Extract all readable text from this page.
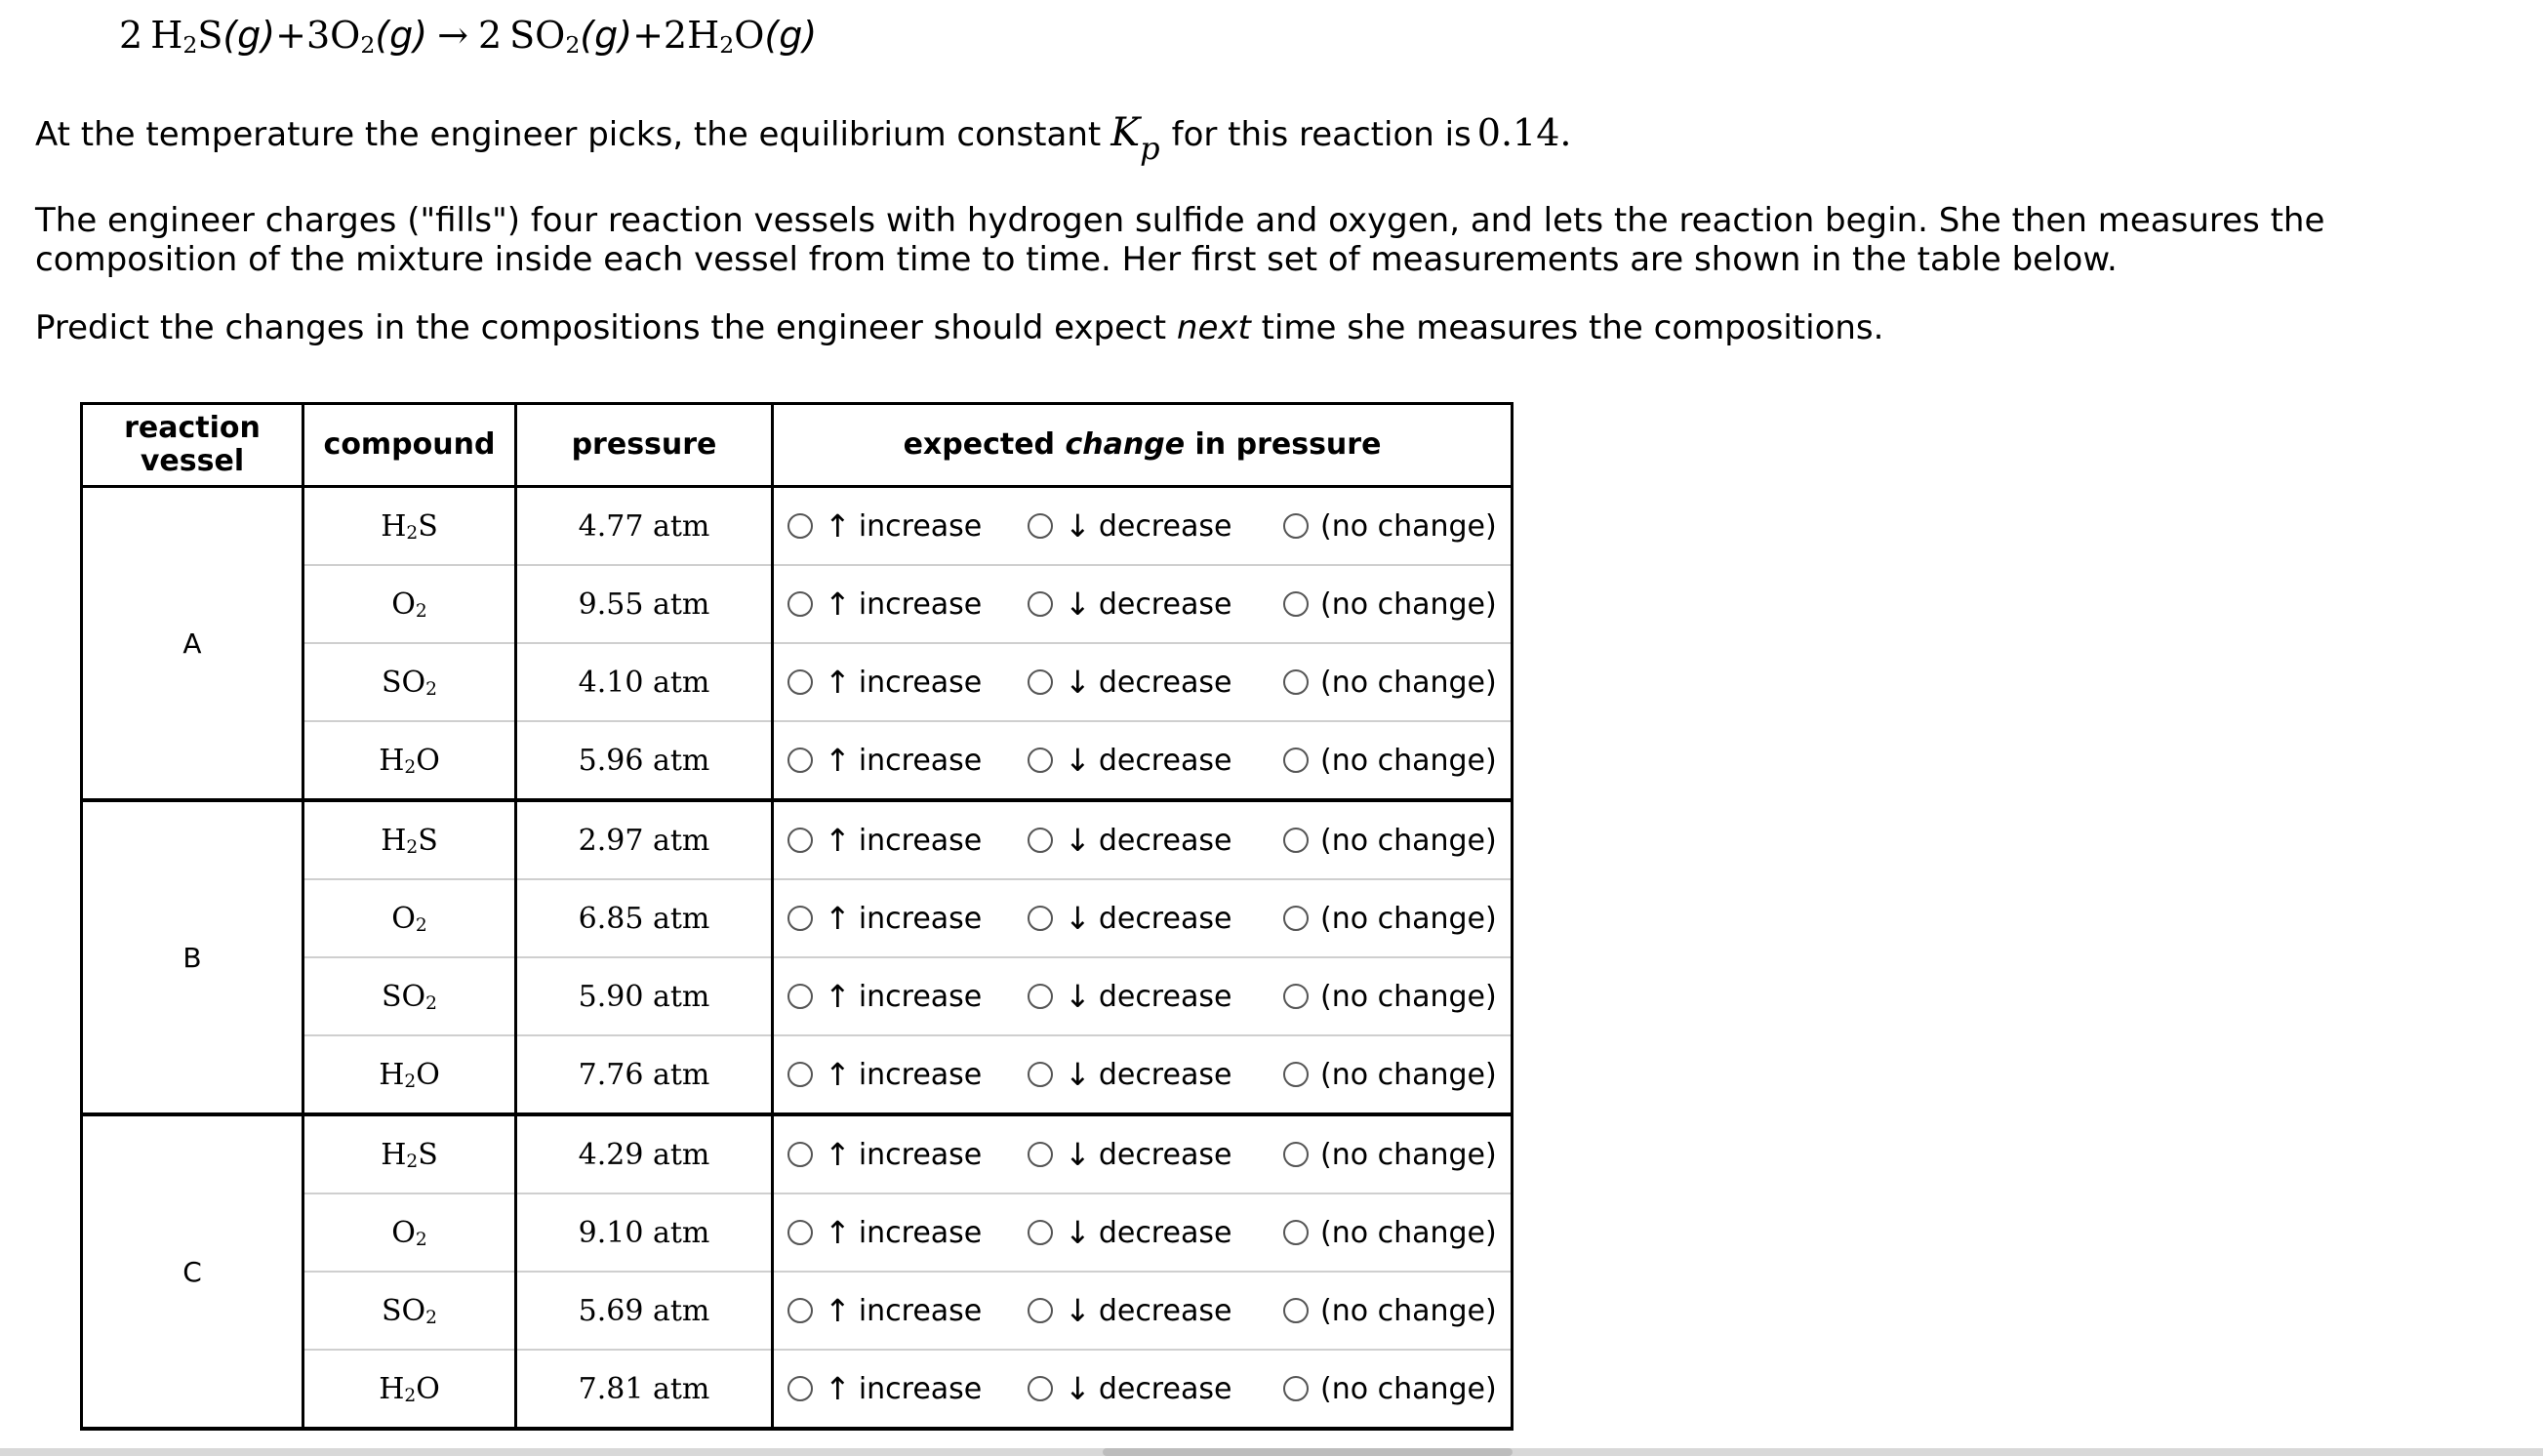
2 $H_2S(g)+3O_2(g) \to 2$ $SO_2(g)+2H_2O(g)$
At the temperature the engineer picks, the equilibrium constant $K_p$ for this reaction is 0.14.
The engineer charges ("fills") four reaction vessels with hydrogen sulfide and oxygen, and lets the reaction begin. She then measures the composition of the mixture inside each vessel from time to time. Her first set of measurements are shown in the table below.
Predict the changes in the compositions the engineer should expect next time she measures the compositions.
reaction vessel	compound	pressure	expected change in pressure
A	$H_2S$	4.77 atm	↑ increase ↓ decrease (no change)

	$O_2$	9.55 atm	↑ increase ↓ decrease (no change)

	$SO_2$	4.10 atm	↑ increase ↓ decrease (no change)

	$H_2O$	5.96 atm	↑ increase ↓ decrease (no change)

B	$H_2S$	2.97 atm	↑ increase ↓ decrease (no change)

	$O_2$	6.85 atm	↑ increase ↓ decrease (no change)

	$SO_2$	5.90 atm	↑ increase ↓ decrease (no change)

	$H_2O$	7.76 atm	↑ increase ↓ decrease (no change)

C	$H_2S$	4.29 atm	↑ increase ↓ decrease (no change)

	$O_2$	9.10 atm	↑ increase ↓ decrease (no change)

	$SO_2$	5.69 atm	↑ increase ↓ decrease (no change)

	$H_2O$	7.81 atm	↑ increase ↓ decrease (no change)
